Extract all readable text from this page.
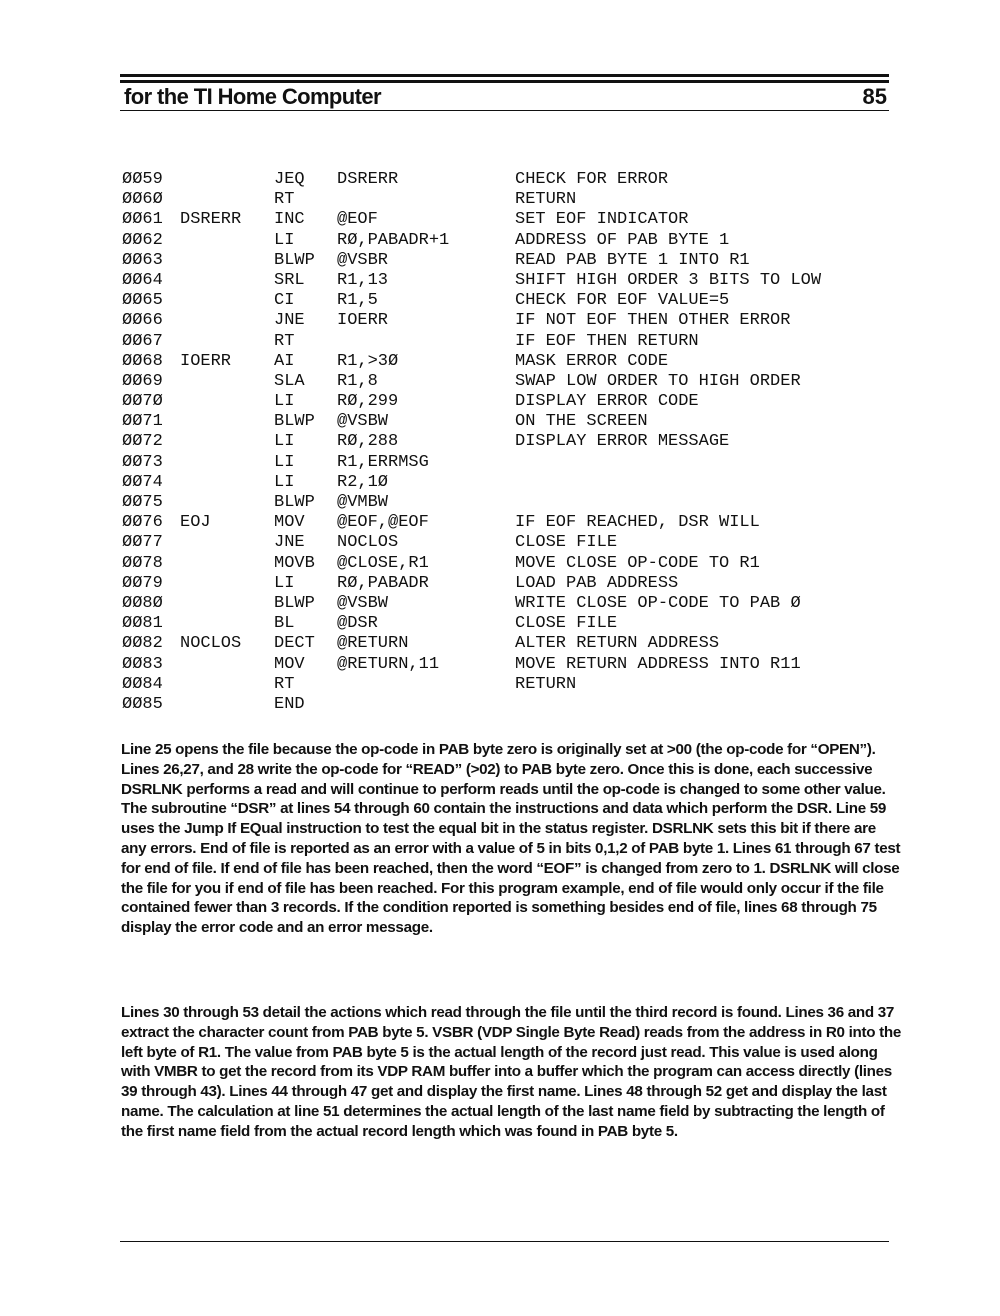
for the TI Home Computer	85
ØØ59	JEQ DSRERR	CHECK FOR ERROR
ØØ6Ø	RT	RETURN
ØØ61 DSRERR INC @EOF	SET EOF INDICATOR
ØØ62	LI	RØ,PABADR+1	ADDRESS OF PAB BYTE 1
ØØ63	BLWP @VSBR	READ PAB BYTE 1 INTO R1
ØØ64	SRL R1,13	SHIFT HIGH ORDER 3 BITS TO LOW
ØØ65	CI	R1,5	CHECK FOR EOF VALUE=5
ØØ66	JNE IOERR	IF NOT EOF THEN OTHER ERROR
ØØ67	RT	IF EOF THEN RETURN
ØØ68 IOERR	AI	R1,>3Ø	MASK ERROR CODE
ØØ69	SLA R1,8	SWAP LOW ORDER TO HIGH ORDER
ØØ7Ø	LI	RØ,299	DISPLAY ERROR CODE
ØØ71	BLWP @VSBW	ON THE SCREEN
ØØ72	LI	RØ,288	DISPLAY ERROR MESSAGE
ØØ73	LI	R1,ERRMSG
ØØ74	LI	R2,1Ø
ØØ75	BLWP @VMBW
ØØ76 EOJ	MOV @EOF,@EOF	IF EOF REACHED, DSR WILL
ØØ77	JNE NOCLOS	CLOSE FILE
ØØ78	MOVB @CLOSE,R1	MOVE CLOSE OP-CODE TO R1
ØØ79	LI	RØ,PABADR	LOAD PAB ADDRESS
ØØ8Ø	BLWP @VSBW	WRITE CLOSE OP-CODE TO PAB Ø
ØØ81	BL	@DSR	CLOSE FILE
ØØ82 NOCLOS DECT @RETURN	ALTER RETURN ADDRESS
ØØ83	MOV @RETURN,11	MOVE RETURN ADDRESS INTO R11
ØØ84	RT	RETURN
ØØ85	END

Line 25 opens the file because the op-code in PAB byte zero is originally set at >00 (the op-code for “OPEN”). Lines 26,27, and 28 write the op-code for “READ” (>02) to PAB byte zero. Once this is done, each successive DSRLNK performs a read and will continue to perform reads until the op-code is changed to some other value. The subroutine “DSR” at lines 54 through 60 contain the instructions and data which perform the DSR. Line 59 uses the Jump If EQual instruction to test the equal bit in the status register. DSRLNK sets this bit if there are any errors. End of file is reported as an error with a value of 5 in bits 0,1,2 of PAB byte 1. Lines 61 through 67 test for end of file. If end of file has been reached, then the word “EOF” is changed from zero to 1. DSRLNK will close the file for you if end of file has been reached. For this program example, end of file would only occur if the file contained fewer than 3 records. If the condition reported is something besides end of file, lines 68 through 75 display the error code and an error message.

Lines 30 through 53 detail the actions which read through the file until the third record is found. Lines 36 and 37 extract the character count from PAB byte 5. VSBR (VDP Single Byte Read) reads from the address in R0 into the left byte of R1. The value from PAB byte 5 is the actual length of the record just read. This value is used along with VMBR to get the record from its VDP RAM buffer into a buffer which the program can access directly (lines 39 through 43). Lines 44 through 47 get and display the first name. Lines 48 through 52 get and display the last name. The calculation at line 51 determines the actual length of the last name field by subtracting the length of the first name field from the actual record length which was found in PAB byte 5.
